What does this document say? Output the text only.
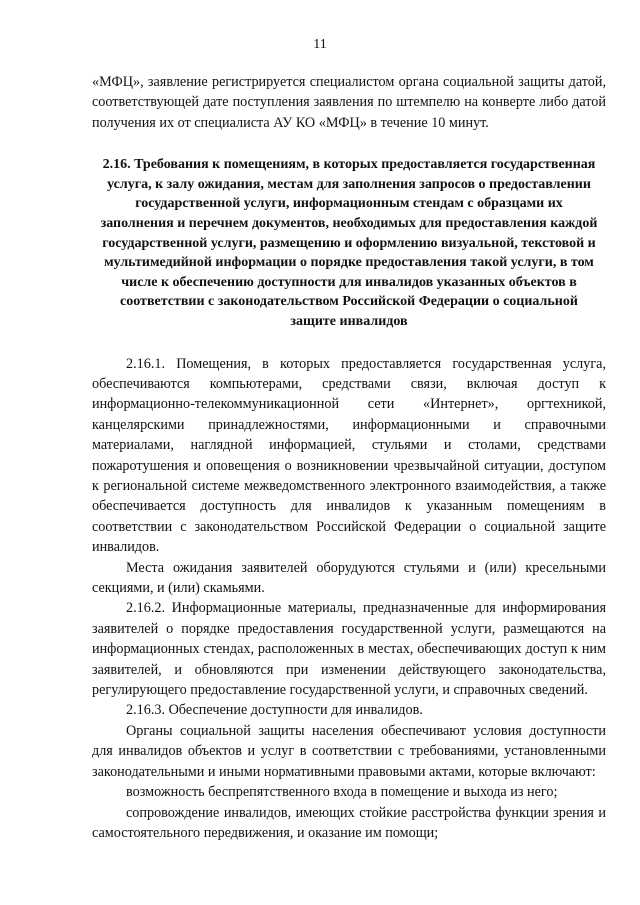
11

«МФЦ», заявление регистрируется специалистом органа социальной защиты датой, соответствующей дате поступления заявления по штемпелю на конверте либо датой получения их от специалиста АУ КО «МФЦ» в течение 10 минут.

2.16. Требования к помещениям, в которых предоставляется государственная услуга, к залу ожидания, местам для заполнения запросов о предоставлении государственной услуги, информационным стендам с образцами их заполнения и перечнем документов, необходимых для предоставления каждой государственной услуги, размещению и оформлению визуальной, текстовой и мультимедийной информации о порядке предоставления такой услуги, в том числе к обеспечению доступности для инвалидов указанных объектов в соответствии с законодательством Российской Федерации о социальной защите инвалидов

2.16.1. Помещения, в которых предоставляется государственная услуга, обеспечиваются компьютерами, средствами связи, включая доступ к информационно-телекоммуникационной сети «Интернет», оргтехникой, канцелярскими принадлежностями, информационными и справочными материалами, наглядной информацией, стульями и столами, средствами пожаротушения и оповещения о возникновении чрезвычайной ситуации, доступом к региональной системе межведомственного электронного взаимодействия, а также обеспечивается доступность для инвалидов к указанным помещениям в соответствии с законодательством Российской Федерации о социальной защите инвалидов.

Места ожидания заявителей оборудуются стульями и (или) кресельными секциями, и (или) скамьями.

2.16.2. Информационные материалы, предназначенные для информирования заявителей о порядке предоставления государственной услуги, размещаются на информационных стендах, расположенных в местах, обеспечивающих доступ к ним заявителей, и обновляются при изменении действующего законодательства, регулирующего предоставление государственной услуги, и справочных сведений.

2.16.3. Обеспечение доступности для инвалидов.

Органы социальной защиты населения обеспечивают условия доступности для инвалидов объектов и услуг в соответствии с требованиями, установленными законодательными и иными нормативными правовыми актами, которые включают:

возможность беспрепятственного входа в помещение и выхода из него;

сопровождение инвалидов, имеющих стойкие расстройства функции зрения и самостоятельного передвижения, и оказание им помощи;
